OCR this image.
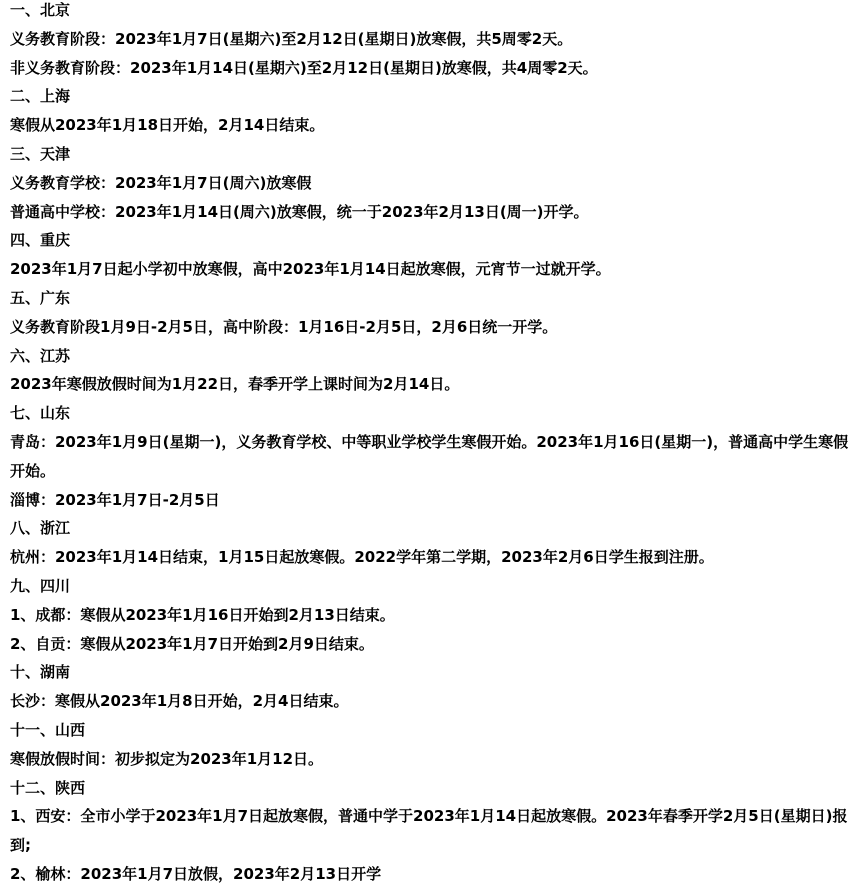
一、北京
义务教育阶段：2023年1月7日(星期六)至2月12日(星期日)放寒假，共5周零2天。
非义务教育阶段：2023年1月14日(星期六)至2月12日(星期日)放寒假，共4周零2天。
二、上海
寒假从2023年1月18日开始，2月14日结束。
三、天津
义务教育学校：2023年1月7日(周六)放寒假
普通高中学校：2023年1月14日(周六)放寒假，统一于2023年2月13日(周一)开学。
四、重庆
2023年1月7日起小学初中放寒假，高中2023年1月14日起放寒假，元宵节一过就开学。
五、广东
义务教育阶段1月9日-2月5日，高中阶段：1月16日-2月5日，2月6日统一开学。
六、江苏
2023年寒假放假时间为1月22日，春季开学上课时间为2月14日。
七、山东
青岛：2023年1月9日(星期一)，义务教育学校、中等职业学校学生寒假开始。2023年1月16日(星期一)，普通高中学生寒假开始。
淄博：2023年1月7日-2月5日
八、浙江
杭州：2023年1月14日结束，1月15日起放寒假。2022学年第二学期，2023年2月6日学生报到注册。
九、四川
1、成都：寒假从2023年1月16日开始到2月13日结束。
2、自贡：寒假从2023年1月7日开始到2月9日结束。
十、湖南
长沙：寒假从2023年1月8日开始，2月4日结束。
十一、山西
寒假放假时间：初步拟定为2023年1月12日。
十二、陕西
1、西安：全市小学于2023年1月7日起放寒假，普通中学于2023年1月14日起放寒假。2023年春季开学2月5日(星期日)报到;
2、榆林：2023年1月7日放假，2023年2月13日开学
